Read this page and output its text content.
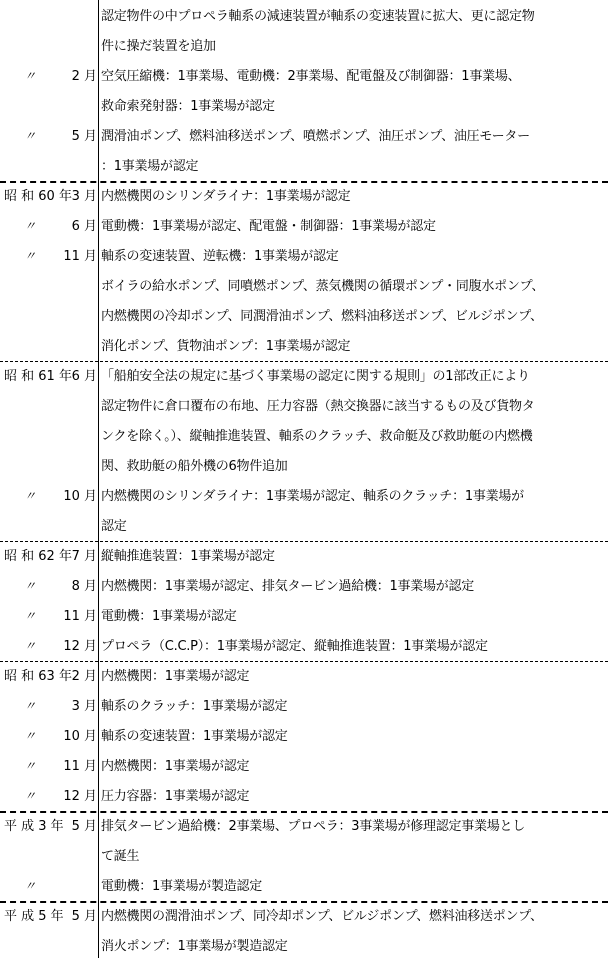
認定物件の中プロペラ軸系の減速装置が軸系の変速装置に拡大、更に認定物
件に操だ装置を追加
〃	2 月 空気圧縮機：1事業場、電動機：2事業場、配電盤及び制御器：1事業場、
救命索発射器：1事業場が認定
〃	5 月 潤滑油ポンプ、燃料油移送ポンプ、噴燃ポンプ、油圧ポンプ、油圧モーター
：1事業場が認定
昭 和 60 年 3 月 内燃機関のシリンダライナ：1事業場が認定
〃	6 月 電動機：1事業場が認定、配電盤・制御器：1事業場が認定
〃 11 月 軸系の変速装置、逆転機：1事業場が認定
ボイラの給水ポンプ、同噴燃ポンプ、蒸気機関の循環ポンプ・同腹水ポンプ、
内燃機関の冷却ポンプ、同潤滑油ポンプ、燃料油移送ポンプ、ビルジポンプ、
消化ポンプ、貨物油ポンプ：1事業場が認定
昭 和 61 年 6 月 「船舶安全法の規定に基づく事業場の認定に関する規則」の1部改正により
認定物件に倉口覆布の布地、圧力容器（熱交換器に該当するもの及び貨物タ
ンクを除く。）、縦軸推進装置、軸系のクラッチ、救命艇及び救助艇の内燃機
関、救助艇の船外機の6物件追加
〃 10 月 内燃機関のシリンダライナ：1事業場が認定、軸系のクラッチ：1事業場が
認定
昭 和 62 年 7 月 縦軸推進装置：1事業場が認定
〃	8 月 内燃機関：1事業場が認定、排気タービン過給機：1事業場が認定
〃 11 月 電動機：1事業場が認定
〃 12 月 プロペラ（C.C.P）：1事業場が認定、縦軸推進装置：1事業場が認定
昭 和 63 年 2 月 内燃機関：1事業場が認定
〃	3 月 軸系のクラッチ：1事業場が認定
〃 10 月 軸系の変速装置：1事業場が認定
〃 11 月 内燃機関：1事業場が認定
〃 12 月 圧力容器：1事業場が認定
平 成 3 年 5 月 排気タービン過給機：2事業場、プロペラ：3事業場が修理認定事業場とし
て誕生
〃	電動機：1事業場が製造認定
平 成 5 年 5 月 内燃機関の潤滑油ポンプ、同冷却ポンプ、ビルジポンプ、燃料油移送ポンプ、
消火ポンプ：1事業場が製造認定
